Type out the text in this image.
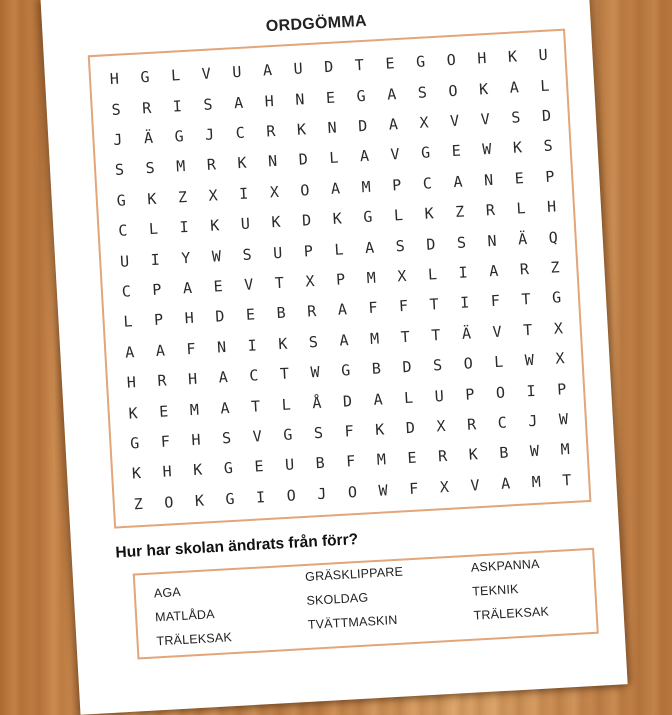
ORDGÖMMA
H	G	L	V	U	A	U	D	T	E	G	O	H	K	U
S	R	I	S	A	H	N	E	G	A	S	O	K	A	L
J	Ä	G	J	C	R	K	N	D	A	X	V	V	S	D
S	S	M	R	K	N	D	L	A	V	G	E	W	K	S
G	K	Z	X	I	X	O	A	M	P	C	A	N	E	P
C	L	I	K	U	K	D	K	G	L	K	Z	R	L	H
U	I	Y	W	S	U	P	L	A	S	D	S	N	Ä	Q
C	P	A	E	V	T	X	P	M	X	L	I	A	R	Z
L	P	H	D	E	B	R	A	F	F	T	I	F	T	G
A	A	F	N	I	K	S	A	M	T	T	Ä	V	T	X
H	R	H	A	C	T	W	G	B	D	S	O	L	W	X
K	E	M	A	T	L	Å	D	A	L	U	P	O	I	P
G	F	H	S	V	G	S	F	K	D	X	R	C	J	W
K	H	K	G	E	U	B	F	M	E	R	K	B	W	M
Z	O	K	G	I	O	J	O	W	F	X	V	A	M	T
Hur har skolan ändrats från förr?
AGA
MATLÅDA
TRÄLEKSAK
GRÄSKLIPPARE
SKOLDAG
TVÄTTMASKIN
ASKPANNA
TEKNIK
TRÄLEKSAK
